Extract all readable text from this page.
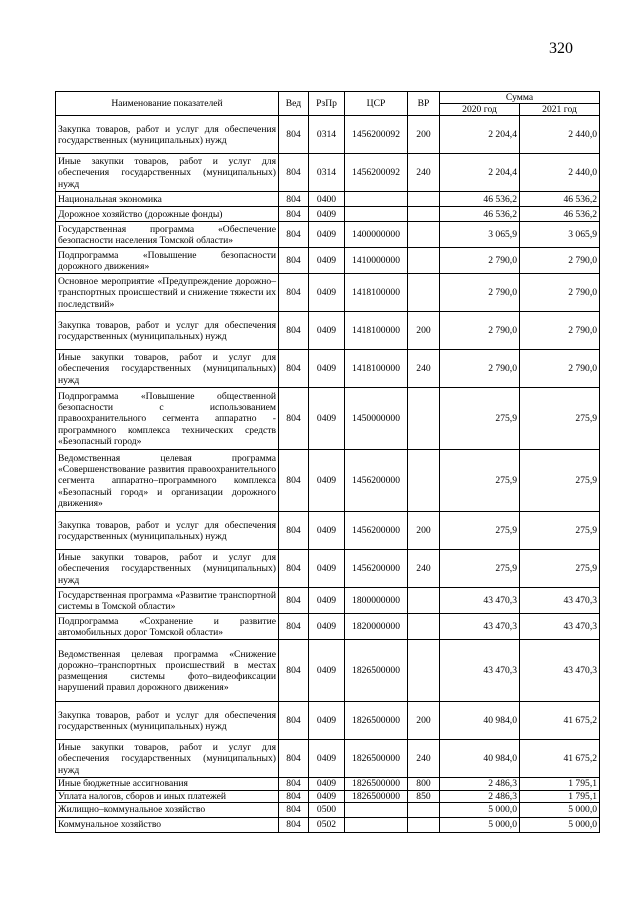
320
Наименование показателей	Вед	РзПр	ЦСР	ВР	Сумма	
					2020 год	2021 год
Закупка товаров, работ и услуг для обеспечения государственных (муниципальных) нужд	804	0314	1456200092	200	2 204,4	2 440,0
Иные закупки товаров, работ и услуг для обеспечения государственных (муниципальных) нужд	804	0314	1456200092	240	2 204,4	2 440,0
Национальная экономика	804	0400			46 536,2	46 536,2
Дорожное хозяйство (дорожные фонды)	804	0409			46 536,2	46 536,2
Государственная программа «Обеспечение безопасности населения Томской области»	804	0409	1400000000		3 065,9	3 065,9
Подпрограмма «Повышение безопасности дорожного движения»	804	0409	1410000000		2 790,0	2 790,0
Основное мероприятие «Предупреждение дорожно–транспортных происшествий и снижение тяжести их последствий»	804	0409	1418100000		2 790,0	2 790,0
Закупка товаров, работ и услуг для обеспечения государственных (муниципальных) нужд	804	0409	1418100000	200	2 790,0	2 790,0
Иные закупки товаров, работ и услуг для обеспечения государственных (муниципальных) нужд	804	0409	1418100000	240	2 790,0	2 790,0
Подпрограмма «Повышение общественной безопасности с использованием правоохранительного сегмента аппаратно - программного комплекса технических средств «Безопасный город»	804	0409	1450000000		275,9	275,9
Ведомственная целевая программа «Совершенствование развития правоохранительного сегмента аппаратно–программного комплекса «Безопасный город» и организации дорожного движения»	804	0409	1456200000		275,9	275,9
Закупка товаров, работ и услуг для обеспечения государственных (муниципальных) нужд	804	0409	1456200000	200	275,9	275,9
Иные закупки товаров, работ и услуг для обеспечения государственных (муниципальных) нужд	804	0409	1456200000	240	275,9	275,9
Государственная программа «Развитие транспортной системы в Томской области»	804	0409	1800000000		43 470,3	43 470,3
Подпрограмма «Сохранение и развитие автомобильных дорог Томской области»	804	0409	1820000000		43 470,3	43 470,3
Ведомственная целевая программа «Снижение дорожно–транспортных происшествий в местах размещения системы фото–видеофиксации нарушений правил дорожного движения»	804	0409	1826500000		43 470,3	43 470,3
Закупка товаров, работ и услуг для обеспечения государственных (муниципальных) нужд	804	0409	1826500000	200	40 984,0	41 675,2
Иные закупки товаров, работ и услуг для обеспечения государственных (муниципальных) нужд	804	0409	1826500000	240	40 984,0	41 675,2
Иные бюджетные ассигнования	804	0409	1826500000	800	2 486,3	1 795,1
Уплата налогов, сборов и иных платежей	804	0409	1826500000	850	2 486,3	1 795,1
Жилищно–коммунальное хозяйство	804	0500			5 000,0	5 000,0
Коммунальное хозяйство	804	0502			5 000,0	5 000,0
